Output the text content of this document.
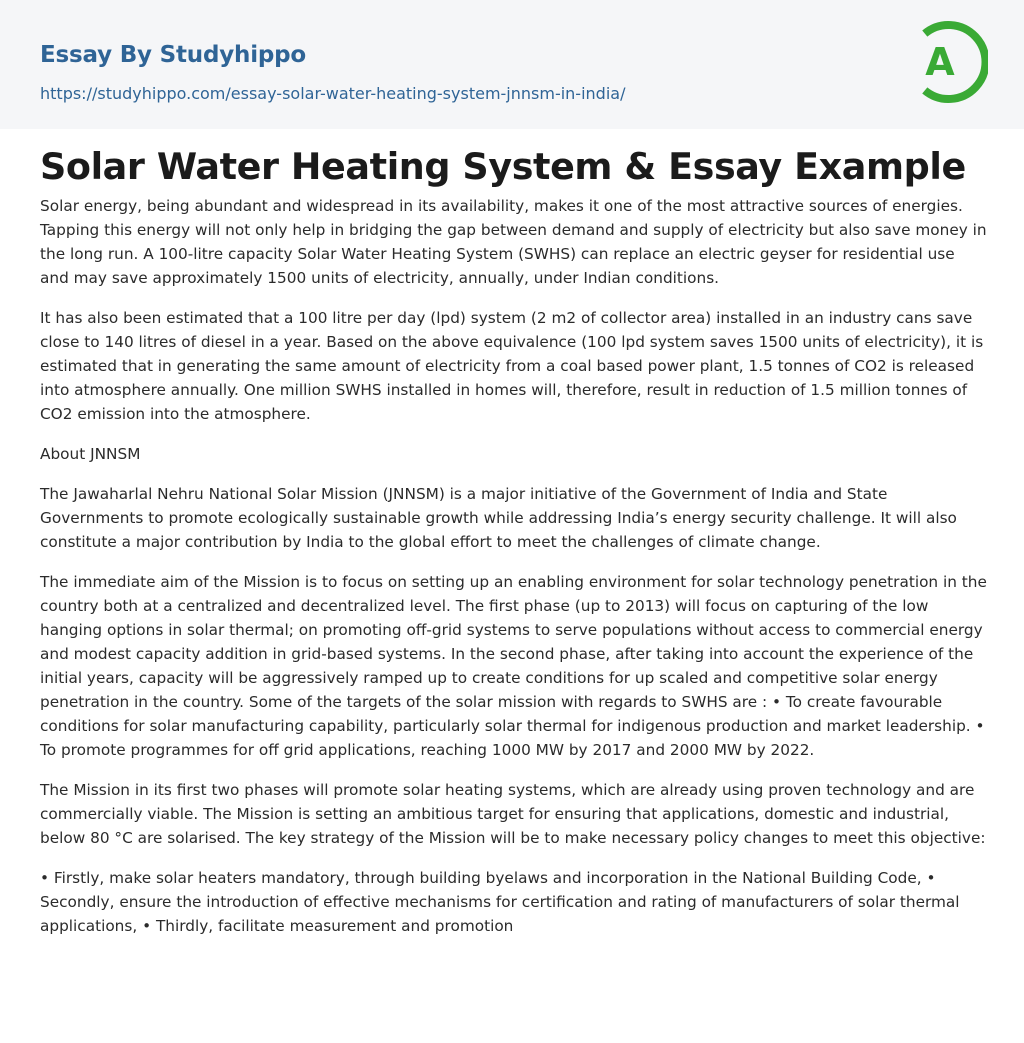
Essay By Studyhippo
https://studyhippo.com/essay-solar-water-heating-system-jnnsm-in-india/
A
Solar Water Heating System & Essay Example

Solar energy, being abundant and widespread in its availability, makes it one of the most attractive sources of energies. Tapping this energy will not only help in bridging the gap between demand and supply of electricity but also save money in the long run. A 100-litre capacity Solar Water Heating System (SWHS) can replace an electric geyser for residential use and may save approximately 1500 units of electricity, annually, under Indian conditions.

It has also been estimated that a 100 litre per day (lpd) system (2 m2 of collector area) installed in an industry cans save close to 140 litres of diesel in a year. Based on the above equivalence (100 lpd system saves 1500 units of electricity), it is estimated that in generating the same amount of electricity from a coal based power plant, 1.5 tonnes of CO2 is released into atmosphere annually. One million SWHS installed in homes will, therefore, result in reduction of 1.5 million tonnes of CO2 emission into the atmosphere.

About JNNSM

The Jawaharlal Nehru National Solar Mission (JNNSM) is a major initiative of the Government of India and State Governments to promote ecologically sustainable growth while addressing India’s energy security challenge. It will also constitute a major contribution by India to the global effort to meet the challenges of climate change.

The immediate aim of the Mission is to focus on setting up an enabling environment for solar technology penetration in the country both at a centralized and decentralized level. The first phase (up to 2013) will focus on capturing of the low hanging options in solar thermal; on promoting off-grid systems to serve populations without access to commercial energy and modest capacity addition in grid-based systems. In the second phase, after taking into account the experience of the initial years, capacity will be aggressively ramped up to create conditions for up scaled and competitive solar energy penetration in the country. Some of the targets of the solar mission with regards to SWHS are : • To create favourable conditions for solar manufacturing capability, particularly solar thermal for indigenous production and market leadership. • To promote programmes for off grid applications, reaching 1000 MW by 2017 and 2000 MW by 2022.

The Mission in its first two phases will promote solar heating systems, which are already using proven technology and are commercially viable. The Mission is setting an ambitious target for ensuring that applications, domestic and industrial, below 80 °C are solarised. The key strategy of the Mission will be to make necessary policy changes to meet this objective:

• Firstly, make solar heaters mandatory, through building byelaws and incorporation in the National Building Code, • Secondly, ensure the introduction of effective mechanisms for certification and rating of manufacturers of solar thermal applications, • Thirdly, facilitate measurement and promotion
